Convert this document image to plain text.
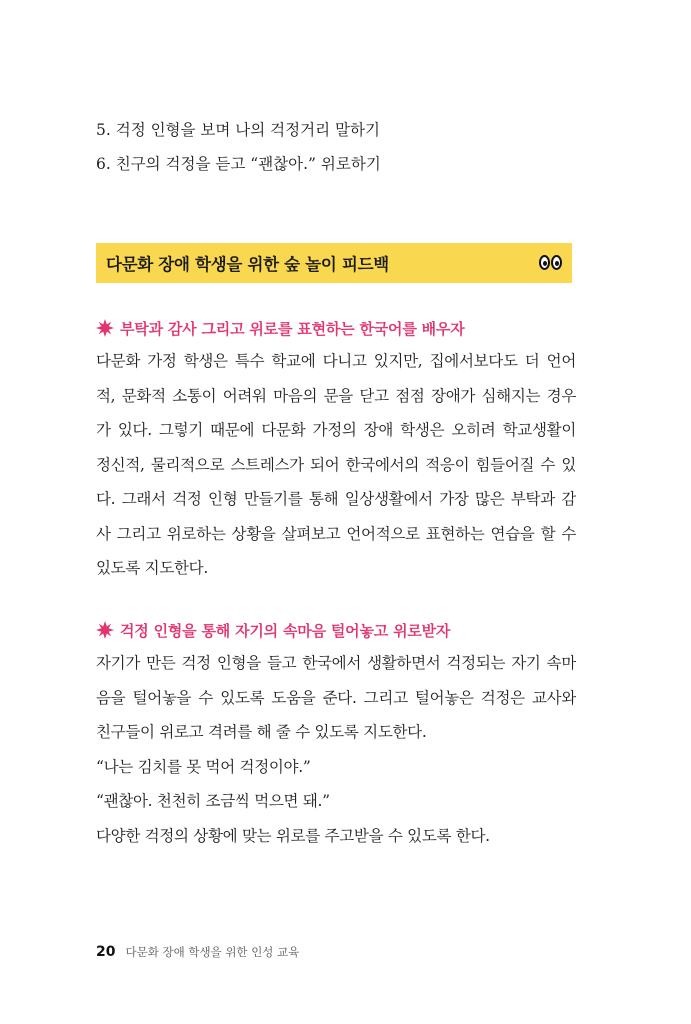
5. 걱정 인형을 보며 나의 걱정거리 말하기
6. 친구의 걱정을 듣고 “괜찮아.” 위로하기
다문화 장애 학생을 위한 숲 놀이 피드백
부탁과 감사 그리고 위로를 표현하는 한국어를 배우자
다문화 가정 학생은 특수 학교에 다니고 있지만, 집에서보다도 더 언어
적, 문화적 소통이 어려워 마음의 문을 닫고 점점 장애가 심해지는 경우
가 있다. 그렇기 때문에 다문화 가정의 장애 학생은 오히려 학교생활이
정신적, 물리적으로 스트레스가 되어 한국에서의 적응이 힘들어질 수 있
다. 그래서 걱정 인형 만들기를 통해 일상생활에서 가장 많은 부탁과 감
사 그리고 위로하는 상황을 살펴보고 언어적으로 표현하는 연습을 할 수
있도록 지도한다.
걱정 인형을 통해 자기의 속마음 털어놓고 위로받자
자기가 만든 걱정 인형을 들고 한국에서 생활하면서 걱정되는 자기 속마
음을 털어놓을 수 있도록 도움을 준다. 그리고 털어놓은 걱정은 교사와
친구들이 위로고 격려를 해 줄 수 있도록 지도한다.
“나는 김치를 못 먹어 걱정이야.”
“괜찮아. 천천히 조금씩 먹으면 돼.”
다양한 걱정의 상황에 맞는 위로를 주고받을 수 있도록 한다.
20 다문화 장애 학생을 위한 인성 교육
